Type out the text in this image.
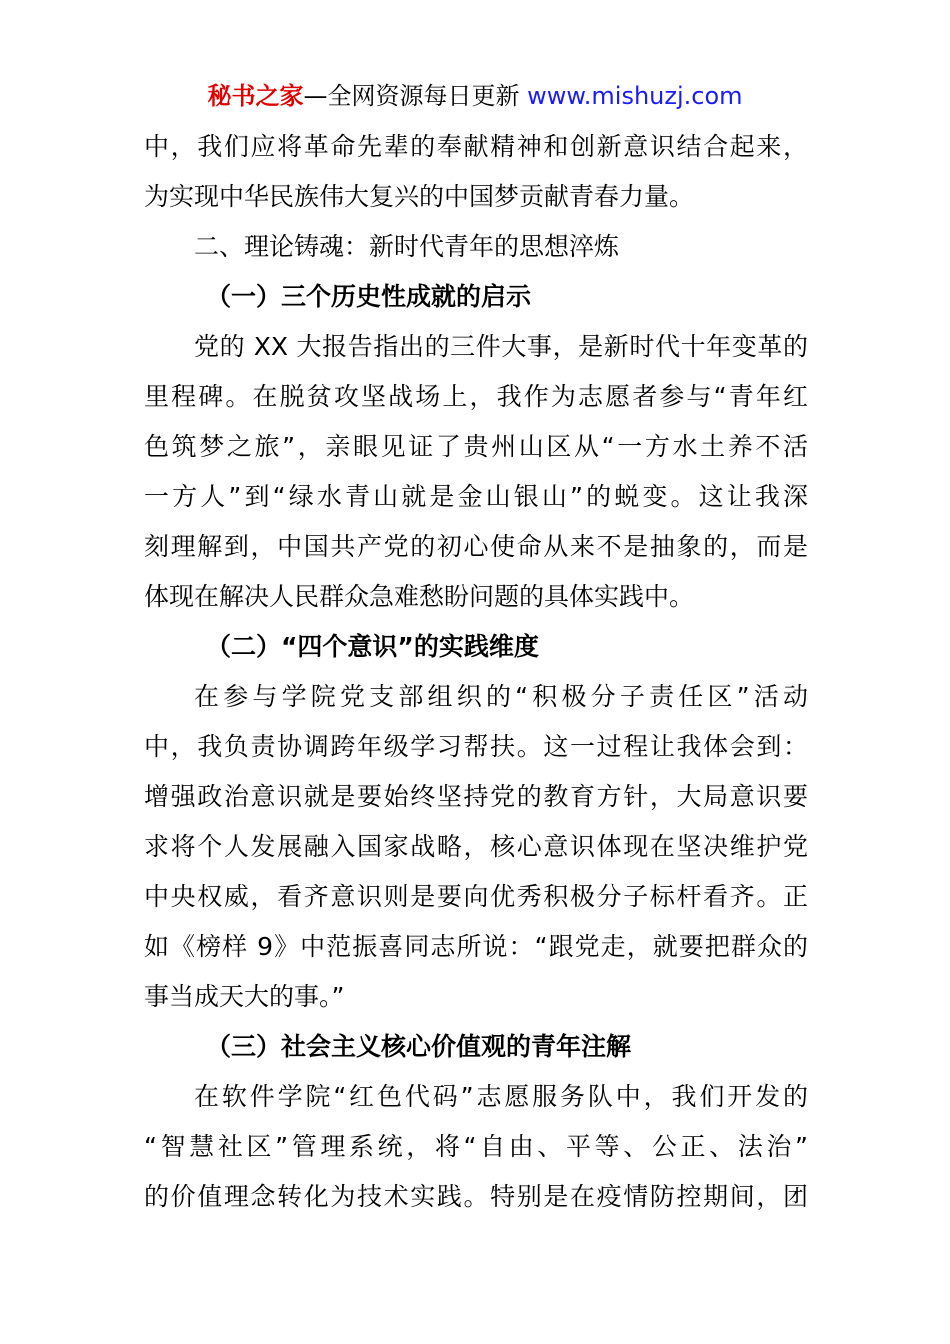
秘书之家—全网资源每日更新 www.mishuzj.com
中，我们应将革命先辈的奉献精神和创新意识结合起来，
为实现中华民族伟大复兴的中国梦贡献青春力量。
二、理论铸魂：新时代青年的思想淬炼
（一）三个历史性成就的启示
党的 XX 大报告指出的三件大事，是新时代十年变革的
里程碑。在脱贫攻坚战场上，我作为志愿者参与“青年红
色筑梦之旅”，亲眼见证了贵州山区从“一方水土养不活
一方人”到“绿水青山就是金山银山”的蜕变。这让我深
刻理解到，中国共产党的初心使命从来不是抽象的，而是
体现在解决人民群众急难愁盼问题的具体实践中。
（二）“四个意识”的实践维度
在参与学院党支部组织的“积极分子责任区”活动
中，我负责协调跨年级学习帮扶。这一过程让我体会到：
增强政治意识就是要始终坚持党的教育方针，大局意识要
求将个人发展融入国家战略，核心意识体现在坚决维护党
中央权威，看齐意识则是要向优秀积极分子标杆看齐。正
如《榜样 9》中范振喜同志所说：“跟党走，就要把群众的
事当成天大的事。”
（三）社会主义核心价值观的青年注解
在软件学院“红色代码”志愿服务队中，我们开发的
“智慧社区”管理系统，将“自由、平等、公正、法治”
的价值理念转化为技术实践。特别是在疫情防控期间，团
